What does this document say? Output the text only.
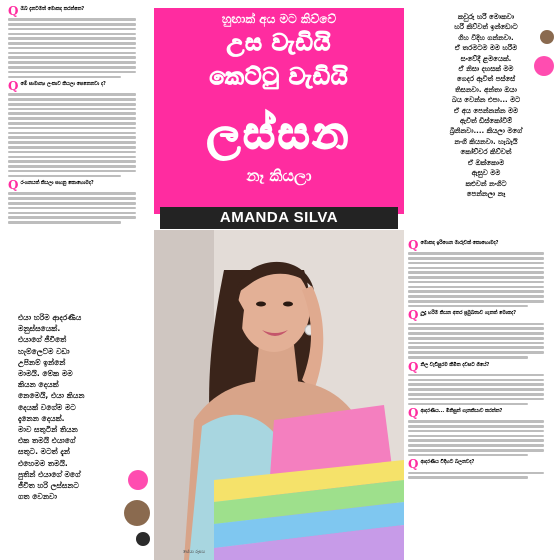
Q ඔබ දැනටමත් මොකද කරන්නෙ?
Q මේ සාමාන්‍ය ලංකාව කියලා පෙනෙනවා ද?
Q රංගනයත් කියලා සහනු කොහොමද?

එයා හරිම ආදරණීය

මනුස්සයෙක්.

එයාගේ ජීවිතේ

හැම්ලෙට්ම වඩා

උපිනම් ඉන්නේ

මාමයි. මේක මම

කියන දෙයක්

නෙමෙයි, එයා කියන

දෙයක් වගේම මට

දැනෙන දෙයක්.

මාව සතුටින් තියන

එක තමයි එයාගේ

සතුට. මටත් දැන්

එහෙමම තමයි.

පුතින් එයාගේ මගේ

ජීවිත හරි ලස්සනට

ගත වෙනවා

හුඟාක් අය මට කිව්වේ
උස වැඩියි
කෙට්ටු වැඩියි
ලස්සන
නෑ කියලා
AMANDA SILVA
සේයා රූපය

කවුරු හරි මොකවා

හරි කිව්වත් ඉන්ඩොට

ගිහ විදිහ ගන්නවා.

ඒ තරමටම මම හරිම

සංවේදී ළමයෙක්.

ඒ නිසා දහසක් මම

ගෙදර ඇවිත් පස්සේ

තිසනවා. අන්තා ඔයා

බය වෙන්න එපා... මට

ඒ අය පෙන්නන්න මම

ඇවිත් ඩිස්කෝවිම්

බ්‍රිනිනවා.... කියලා මගේ

නංගි කියනවා. හැබැයි

කෝච්චර කිව්වත්

ඒ ඔක්කොම

ඇසුව මම

කළුවන් නංගිට

පෙන්නලා නෑ

Q මොකද ඉරිගෙන මාරුවක් කොහොමද?
Q ලූදු හරිම කියන අතර ප්‍රමුඛතාව ගැනත් මොකද?
Q නිල වැඩිපුරම කීමිත දවසට ගියේ?
Q ආදරණීය... මිනිසුන් ගැනකියාව කරන්න?
Q ආදරණීය විදිහට බලනවද?
